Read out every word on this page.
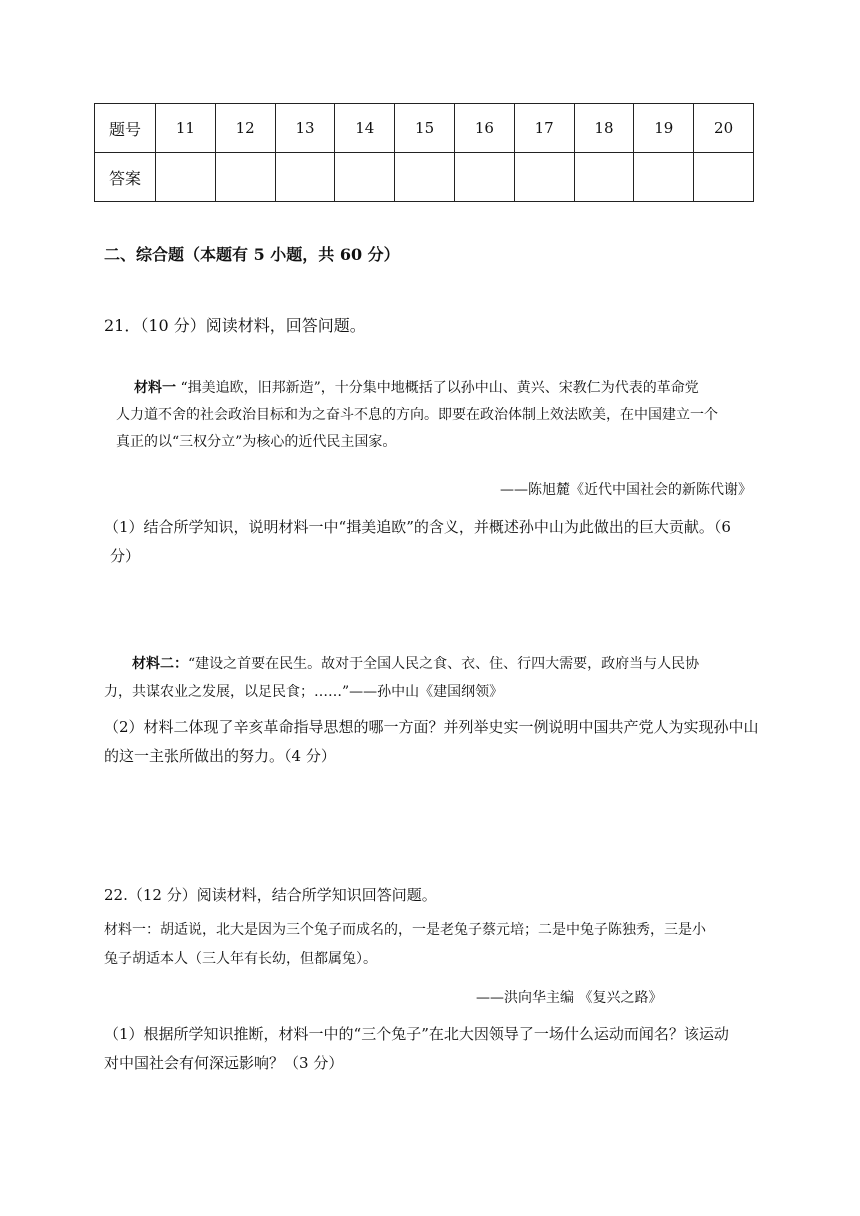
题号	11	12	13	14	15	16	17	18	19	20
答案										
二、综合题（本题有 5 小题，共 60 分）
21．（10 分）阅读材料，回答问题。
材料一 “揖美追欧，旧邦新造”，十分集中地概括了以孙中山、黄兴、宋教仁为代表的革命党
人力道不舍的社会政治目标和为之奋斗不息的方向。即要在政治体制上效法欧美，在中国建立一个
真正的以“三权分立”为核心的近代民主国家。
——陈旭麓《近代中国社会的新陈代谢》
（1）结合所学知识，说明材料一中“揖美追欧”的含义，并概述孙中山为此做出的巨大贡献。（6
分）
材料二：“建设之首要在民生。故对于全国人民之食、衣、住、行四大需要，政府当与人民协
力，共谋农业之发展，以足民食；……”——孙中山《建国纲领》
（2）材料二体现了辛亥革命指导思想的哪一方面？并列举史实一例说明中国共产党人为实现孙中山
的这一主张所做出的努力。（4 分）
22.（12 分）阅读材料，结合所学知识回答问题。
材料一：胡适说，北大是因为三个兔子而成名的，一是老兔子蔡元培；二是中兔子陈独秀，三是小
兔子胡适本人（三人年有长幼，但都属兔）。
——洪向华主编 《复兴之路》
（1）根据所学知识推断，材料一中的“三个兔子”在北大因领导了一场什么运动而闻名？该运动
对中国社会有何深远影响？（3 分）
